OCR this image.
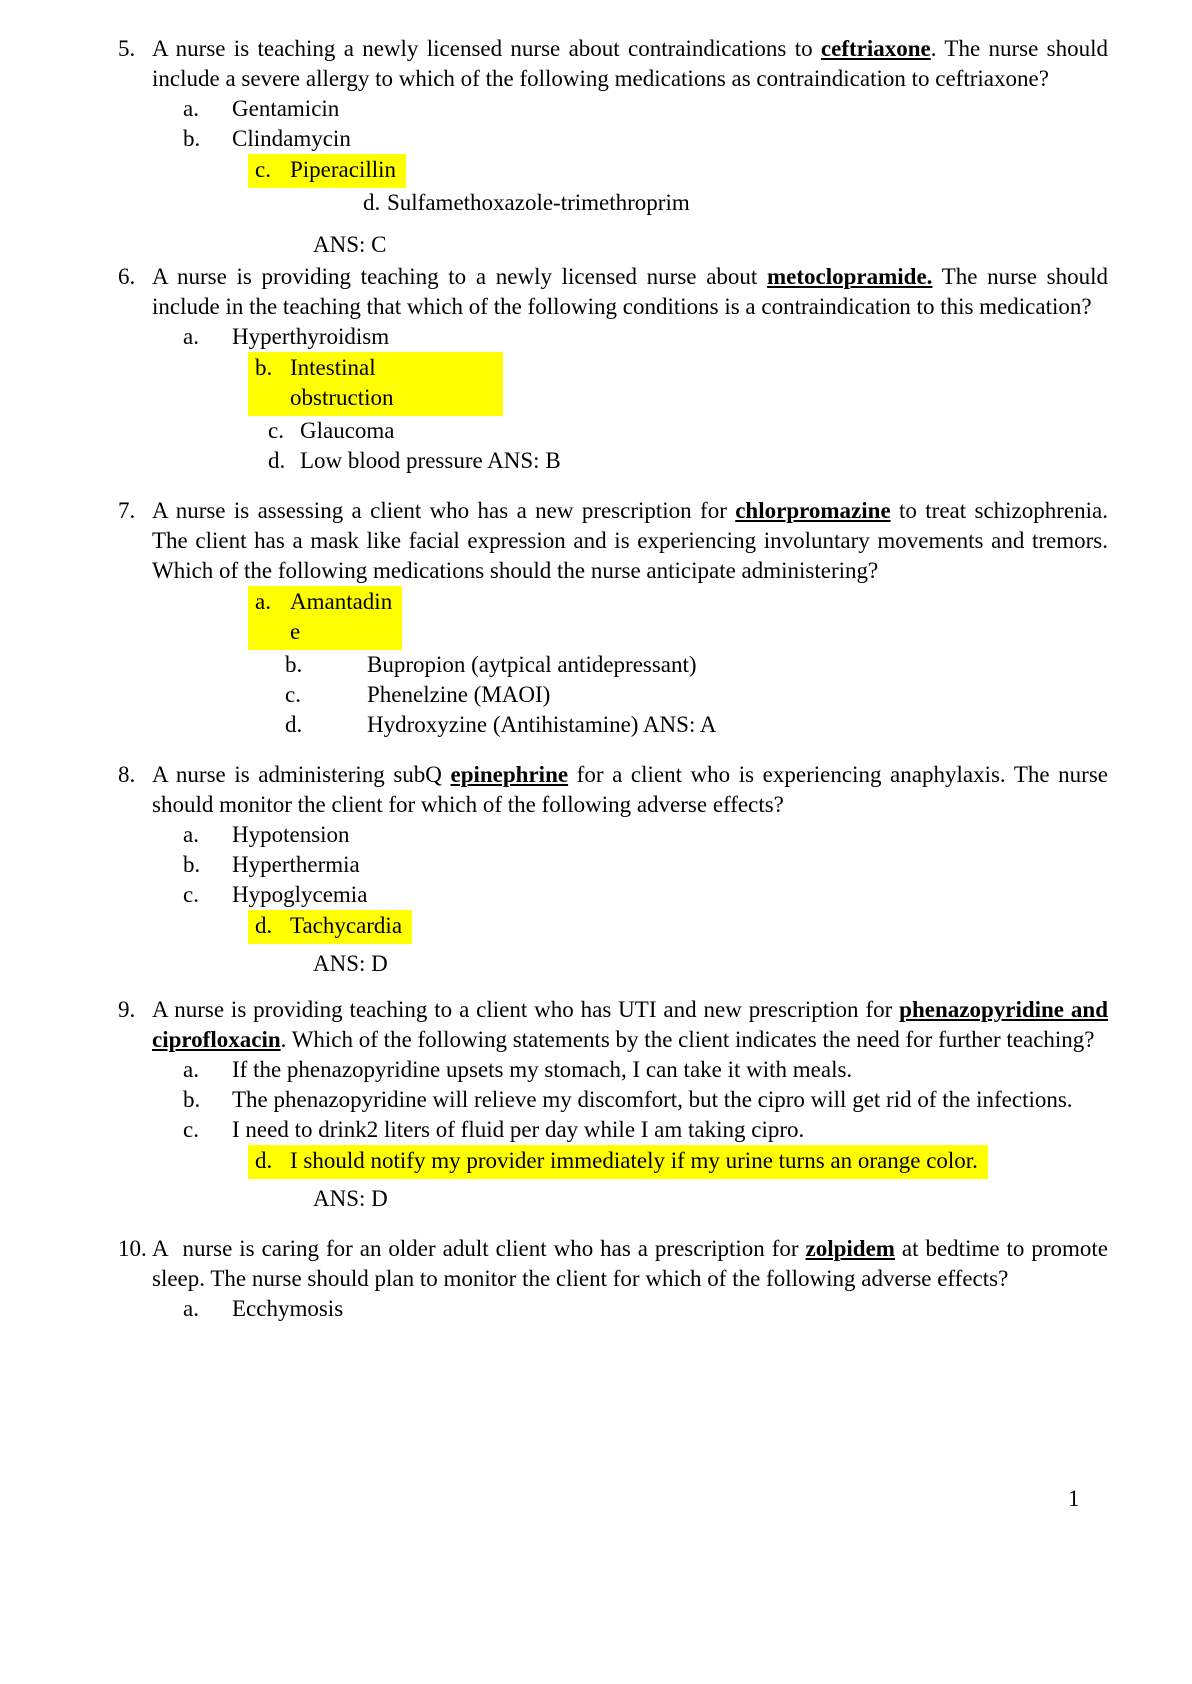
5. A nurse is teaching a newly licensed nurse about contraindications to ceftriaxone. The nurse should include a severe allergy to which of the following medications as contraindication to ceftriaxone?
a. Gentamicin
b. Clindamycin
c. Piperacillin
d. Sulfamethoxazole-trimethroprim
ANS: C
6. A nurse is providing teaching to a newly licensed nurse about metoclopramide. The nurse should include in the teaching that which of the following conditions is a contraindication to this medication?
a. Hyperthyroidism
b. Intestinal
obstruction
c. Glaucoma
d. Low blood pressure ANS: B
7. A nurse is assessing a client who has a new prescription for chlorpromazine to treat schizophrenia. The client has a mask like facial expression and is experiencing involuntary movements and tremors. Which of the following medications should the nurse anticipate administering?
a. Amantadin
e
b.	Bupropion (aytpical antidepressant)
c.	Phenelzine (MAOI)
d.	Hydroxyzine (Antihistamine) ANS: A
8. A nurse is administering subQ epinephrine for a client who is experiencing anaphylaxis. The nurse should monitor the client for which of the following adverse effects?
a. Hypotension
b. Hyperthermia
c. Hypoglycemia
d. Tachycardia
ANS: D
9. A nurse is providing teaching to a client who has UTI and new prescription for phenazopyridine and ciprofloxacin. Which of the following statements by the client indicates the need for further teaching?
a. If the phenazopyridine upsets my stomach, I can take it with meals.
b. The phenazopyridine will relieve my discomfort, but the cipro will get rid of the infections.
c. I need to drink2 liters of fluid per day while I am taking cipro.
d. I should notify my provider immediately if my urine turns an orange color.
ANS: D
10. A  nurse is caring for an older adult client who has a prescription for zolpidem at bedtime to promote sleep. The nurse should plan to monitor the client for which of the following adverse effects?
a. Ecchymosis
1
